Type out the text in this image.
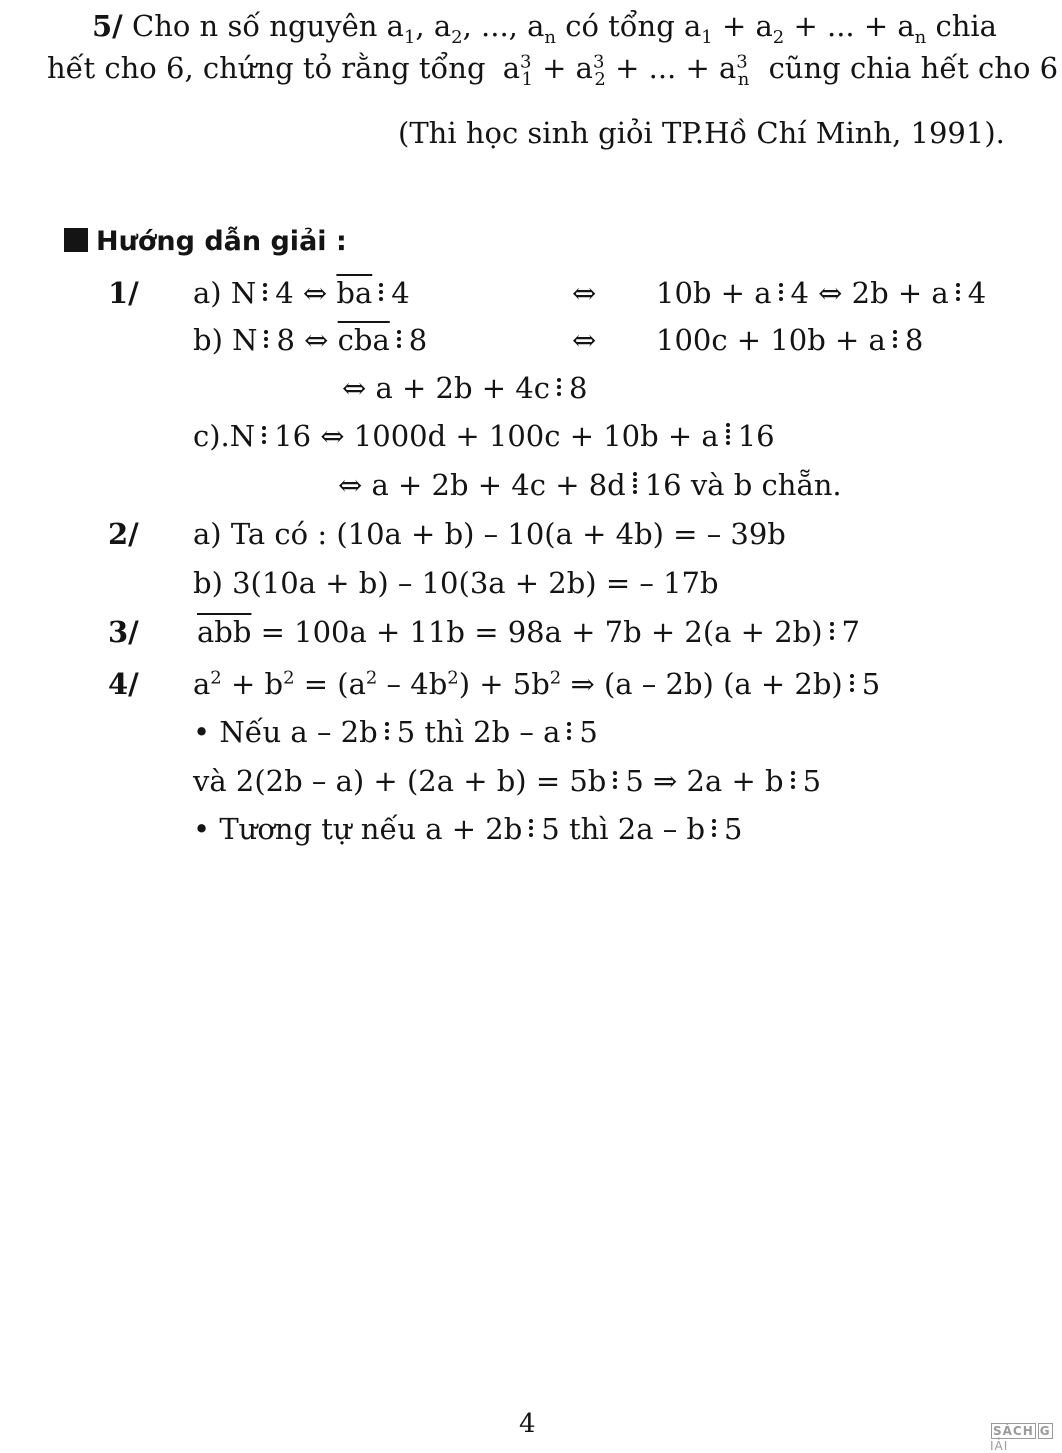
5/ Cho n số nguyên $a_1$, $a_2$, ..., $a_n$ có tổng $a_1 + a_2$ + ... + $a_n$ chia
hết cho 6, chứng tỏ rằng tổng $a^3_1 + a^3_2$ + ... + $a^3_n$ cũng chia hết cho 6
(Thi học sinh giỏi TP.Hồ Chí Minh, 1991).
Hướng dẫn giải :
1/ a) N 4 ⇔ $\overline{ba}$ 4	⇔ 10b + a 4 ⇔ 2b + a 4
b) N 8 ⇔ $\overline{cba}$ 8	⇔ 100c + 10b + a 8
⇔ a + 2b + 4c 8
c).N 16 ⇔ 1000d + 100c + 10b + a 16
⇔ a + 2b + 4c + 8d 16 và b chẵn.
2/ a) Ta có : (10a + b) – 10(a + 4b) = – 39b
b) 3(10a + b) – 10(3a + 2b) = – 17b
3/ $\overline{abb} = 100a + 11b = 98a + 7b + 2(a + 2b)$ 7
4/ $a^2 + b^2 = (a^2 - 4b^2) + 5b^2$ ⇒ (a – 2b) (a + 2b) 5
• Nếu a – 2b 5 thì 2b – a 5
và 2(2b – a) + (2a + b) = 5b 5 ⇒ 2a + b 5
• Tương tự nếu a + 2b 5 thì 2a – b 5
4	SÁCH GIẢI
